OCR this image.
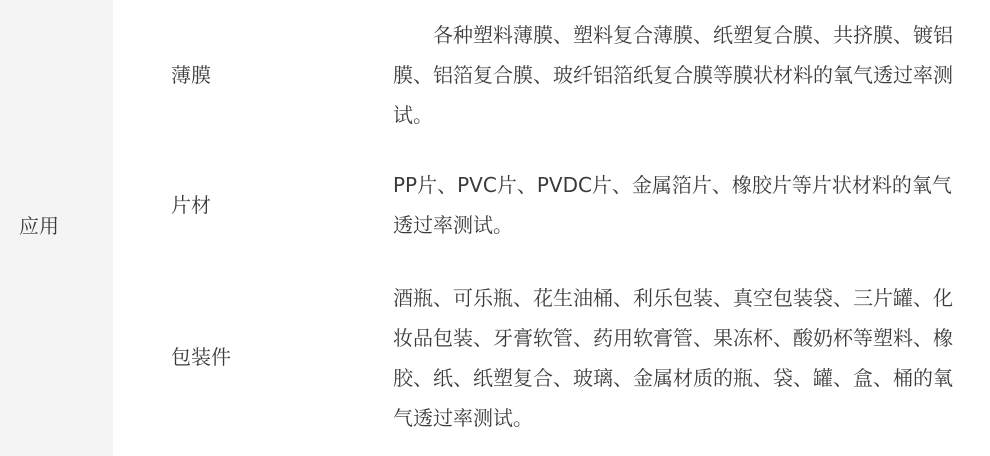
应用
薄膜
各种塑料薄膜、塑料复合薄膜、纸塑复合膜、共挤膜、镀铝膜、铝箔复合膜、玻纤铝箔纸复合膜等膜状材料的氧气透过率测试。
片材
PP片、PVC片、PVDC片、金属箔片、橡胶片等片状材料的氧气透过率测试。
包装件
酒瓶、可乐瓶、花生油桶、利乐包装、真空包装袋、三片罐、化妆品包装、牙膏软管、药用软膏管、果冻杯、酸奶杯等塑料、橡胶、纸、纸塑复合、玻璃、金属材质的瓶、袋、罐、盒、桶的氧气透过率测试。
